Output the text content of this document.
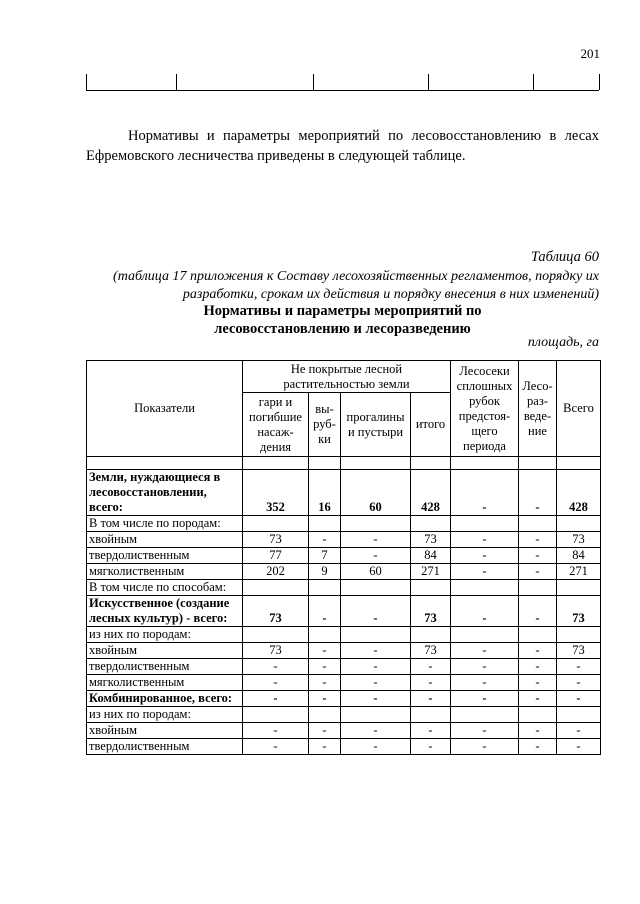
201
Нормативы и параметры мероприятий по лесовосстановлению в лесах Ефремовского лесничества приведены в следующей таблице.
Таблица 60
(таблица 17 приложения к Составу лесохозяйственных регламентов, порядку их разработки, срокам их действия и порядку внесения в них изменений)
Нормативы и параметры мероприятий по
лесовосстановлению и лесоразведению
площадь, га
Показатели	Не покрытые лесной растительностью земли				Лесосеки сплошных рубок предстоя-щего периода	Лесо-раз-веде-ние	Всего
	гари и погибшие насаж-дения	вы-руб-ки	прогалины и пустыри	итого			

Земли, нуждающиеся в лесовосстановлении, всего:	352	16	60	428	-	-	428
В том числе по породам:							
хвойным	73	-	-	73	-	-	73
твердолиственным	77	7	-	84	-	-	84
мягколиственным	202	9	60	271	-	-	271
В том числе по способам:							
Искусственное (создание лесных культур) - всего:	73	-	-	73	-	-	73
из них по породам:							
хвойным	73	-	-	73	-	-	73
твердолиственным	-	-	-	-	-	-	-
мягколиственным	-	-	-	-	-	-	-
Комбинированное, всего:	-	-	-	-	-	-	-
из них по породам:							
хвойным	-	-	-	-	-	-	-
твердолиственным	-	-	-	-	-	-	-
